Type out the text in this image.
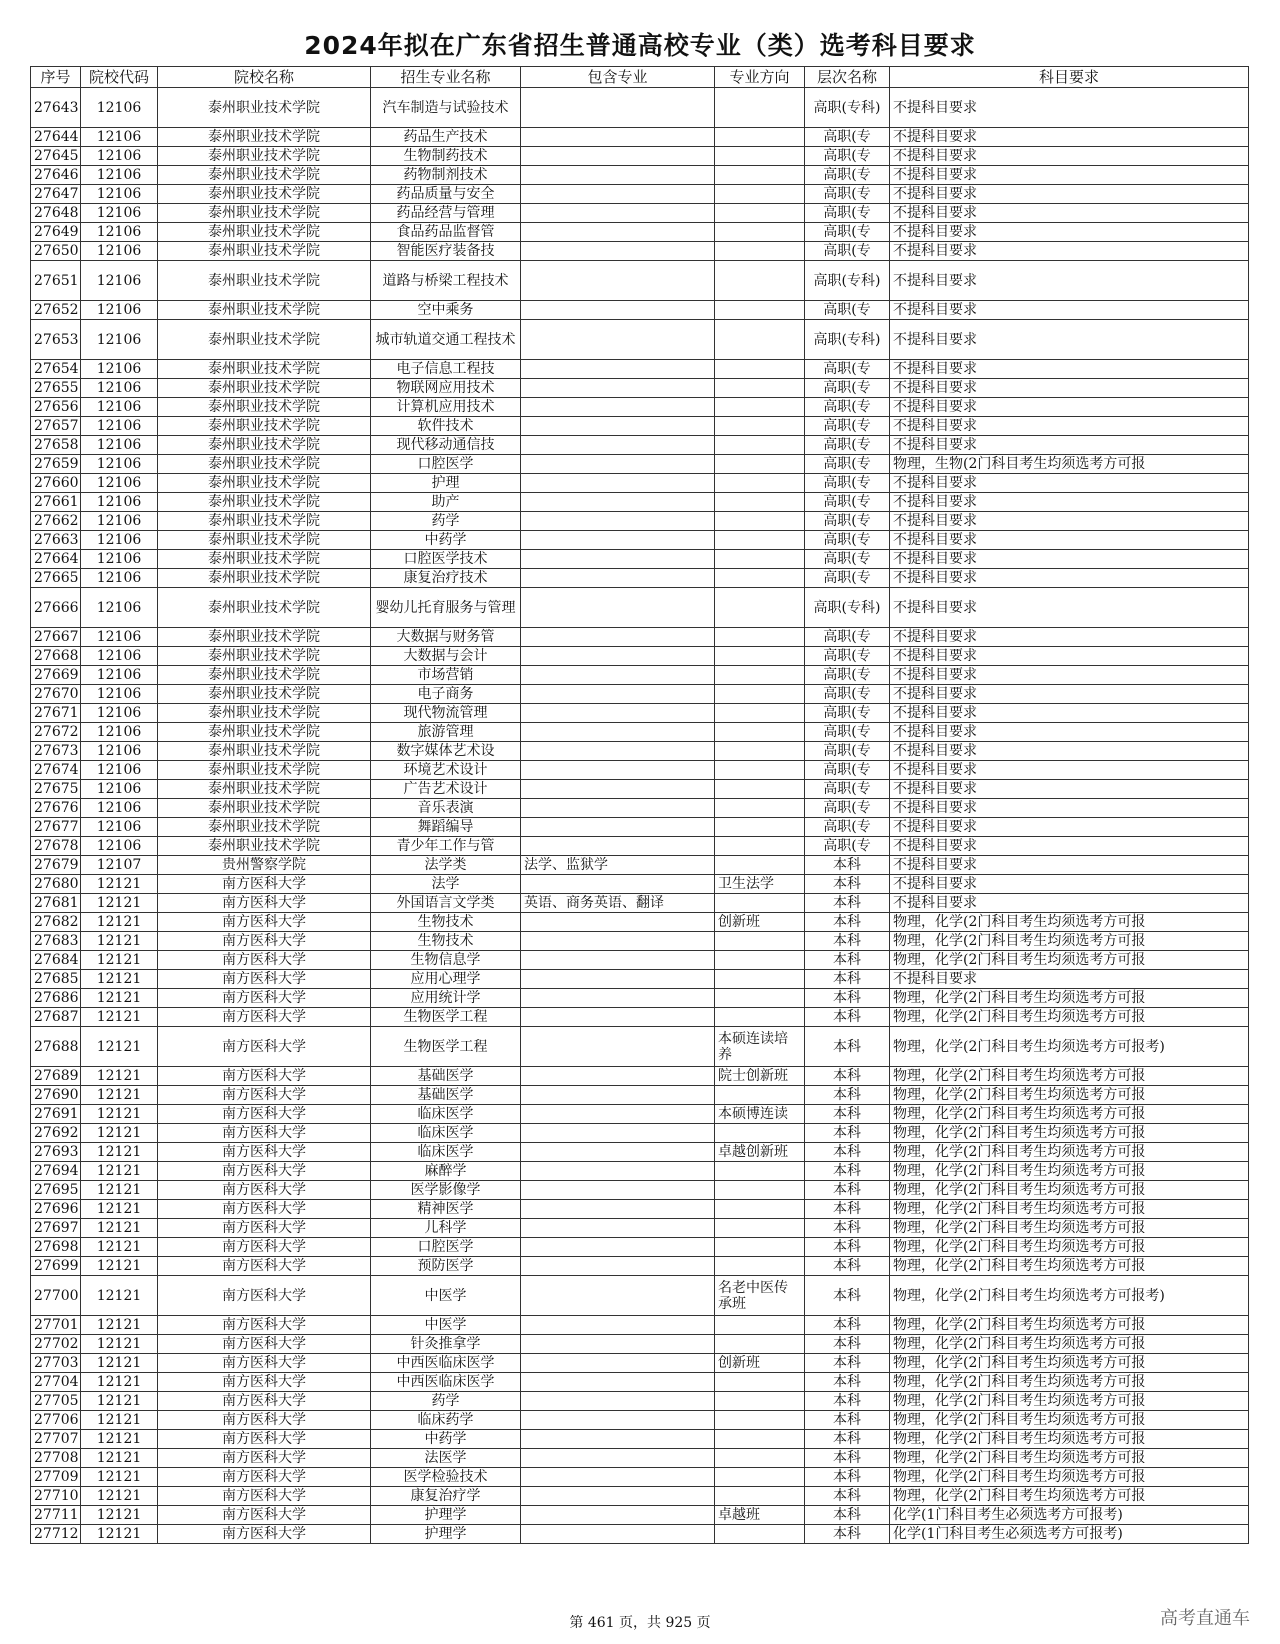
2024年拟在广东省招生普通高校专业（类）选考科目要求
序号	院校代码	院校名称	招生专业名称	包含专业	专业方向	层次名称	科目要求
27643	12106	泰州职业技术学院	汽车制造与试验技术			高职(专科)	不提科目要求
27644	12106	泰州职业技术学院	药品生产技术			高职(专	不提科目要求
27645	12106	泰州职业技术学院	生物制药技术			高职(专	不提科目要求
27646	12106	泰州职业技术学院	药物制剂技术			高职(专	不提科目要求
27647	12106	泰州职业技术学院	药品质量与安全			高职(专	不提科目要求
27648	12106	泰州职业技术学院	药品经营与管理			高职(专	不提科目要求
27649	12106	泰州职业技术学院	食品药品监督管			高职(专	不提科目要求
27650	12106	泰州职业技术学院	智能医疗装备技			高职(专	不提科目要求
27651	12106	泰州职业技术学院	道路与桥梁工程技术			高职(专科)	不提科目要求
27652	12106	泰州职业技术学院	空中乘务			高职(专	不提科目要求
27653	12106	泰州职业技术学院	城市轨道交通工程技术			高职(专科)	不提科目要求
27654	12106	泰州职业技术学院	电子信息工程技			高职(专	不提科目要求
27655	12106	泰州职业技术学院	物联网应用技术			高职(专	不提科目要求
27656	12106	泰州职业技术学院	计算机应用技术			高职(专	不提科目要求
27657	12106	泰州职业技术学院	软件技术			高职(专	不提科目要求
27658	12106	泰州职业技术学院	现代移动通信技			高职(专	不提科目要求
27659	12106	泰州职业技术学院	口腔医学			高职(专	物理，生物(2门科目考生均须选考方可报
27660	12106	泰州职业技术学院	护理			高职(专	不提科目要求
27661	12106	泰州职业技术学院	助产			高职(专	不提科目要求
27662	12106	泰州职业技术学院	药学			高职(专	不提科目要求
27663	12106	泰州职业技术学院	中药学			高职(专	不提科目要求
27664	12106	泰州职业技术学院	口腔医学技术			高职(专	不提科目要求
27665	12106	泰州职业技术学院	康复治疗技术			高职(专	不提科目要求
27666	12106	泰州职业技术学院	婴幼儿托育服务与管理			高职(专科)	不提科目要求
27667	12106	泰州职业技术学院	大数据与财务管			高职(专	不提科目要求
27668	12106	泰州职业技术学院	大数据与会计			高职(专	不提科目要求
27669	12106	泰州职业技术学院	市场营销			高职(专	不提科目要求
27670	12106	泰州职业技术学院	电子商务			高职(专	不提科目要求
27671	12106	泰州职业技术学院	现代物流管理			高职(专	不提科目要求
27672	12106	泰州职业技术学院	旅游管理			高职(专	不提科目要求
27673	12106	泰州职业技术学院	数字媒体艺术设			高职(专	不提科目要求
27674	12106	泰州职业技术学院	环境艺术设计			高职(专	不提科目要求
27675	12106	泰州职业技术学院	广告艺术设计			高职(专	不提科目要求
27676	12106	泰州职业技术学院	音乐表演			高职(专	不提科目要求
27677	12106	泰州职业技术学院	舞蹈编导			高职(专	不提科目要求
27678	12106	泰州职业技术学院	青少年工作与管			高职(专	不提科目要求
27679	12107	贵州警察学院	法学类	法学、监狱学		本科	不提科目要求
27680	12121	南方医科大学	法学		卫生法学	本科	不提科目要求
27681	12121	南方医科大学	外国语言文学类	英语、商务英语、翻译		本科	不提科目要求
27682	12121	南方医科大学	生物技术		创新班	本科	物理，化学(2门科目考生均须选考方可报
27683	12121	南方医科大学	生物技术			本科	物理，化学(2门科目考生均须选考方可报
27684	12121	南方医科大学	生物信息学			本科	物理，化学(2门科目考生均须选考方可报
27685	12121	南方医科大学	应用心理学			本科	不提科目要求
27686	12121	南方医科大学	应用统计学			本科	物理，化学(2门科目考生均须选考方可报
27687	12121	南方医科大学	生物医学工程			本科	物理，化学(2门科目考生均须选考方可报
27688	12121	南方医科大学	生物医学工程		本硕连读培养	本科	物理，化学(2门科目考生均须选考方可报考)
27689	12121	南方医科大学	基础医学		院士创新班	本科	物理，化学(2门科目考生均须选考方可报
27690	12121	南方医科大学	基础医学			本科	物理，化学(2门科目考生均须选考方可报
27691	12121	南方医科大学	临床医学		本硕博连读	本科	物理，化学(2门科目考生均须选考方可报
27692	12121	南方医科大学	临床医学			本科	物理，化学(2门科目考生均须选考方可报
27693	12121	南方医科大学	临床医学		卓越创新班	本科	物理，化学(2门科目考生均须选考方可报
27694	12121	南方医科大学	麻醉学			本科	物理，化学(2门科目考生均须选考方可报
27695	12121	南方医科大学	医学影像学			本科	物理，化学(2门科目考生均须选考方可报
27696	12121	南方医科大学	精神医学			本科	物理，化学(2门科目考生均须选考方可报
27697	12121	南方医科大学	儿科学			本科	物理，化学(2门科目考生均须选考方可报
27698	12121	南方医科大学	口腔医学			本科	物理，化学(2门科目考生均须选考方可报
27699	12121	南方医科大学	预防医学			本科	物理，化学(2门科目考生均须选考方可报
27700	12121	南方医科大学	中医学		名老中医传承班	本科	物理，化学(2门科目考生均须选考方可报考)
27701	12121	南方医科大学	中医学			本科	物理，化学(2门科目考生均须选考方可报
27702	12121	南方医科大学	针灸推拿学			本科	物理，化学(2门科目考生均须选考方可报
27703	12121	南方医科大学	中西医临床医学		创新班	本科	物理，化学(2门科目考生均须选考方可报
27704	12121	南方医科大学	中西医临床医学			本科	物理，化学(2门科目考生均须选考方可报
27705	12121	南方医科大学	药学			本科	物理，化学(2门科目考生均须选考方可报
27706	12121	南方医科大学	临床药学			本科	物理，化学(2门科目考生均须选考方可报
27707	12121	南方医科大学	中药学			本科	物理，化学(2门科目考生均须选考方可报
27708	12121	南方医科大学	法医学			本科	物理，化学(2门科目考生均须选考方可报
27709	12121	南方医科大学	医学检验技术			本科	物理，化学(2门科目考生均须选考方可报
27710	12121	南方医科大学	康复治疗学			本科	物理，化学(2门科目考生均须选考方可报
27711	12121	南方医科大学	护理学		卓越班	本科	化学(1门科目考生必须选考方可报考)
27712	12121	南方医科大学	护理学			本科	化学(1门科目考生必须选考方可报考)
第 461 页，共 925 页	高考直通车
